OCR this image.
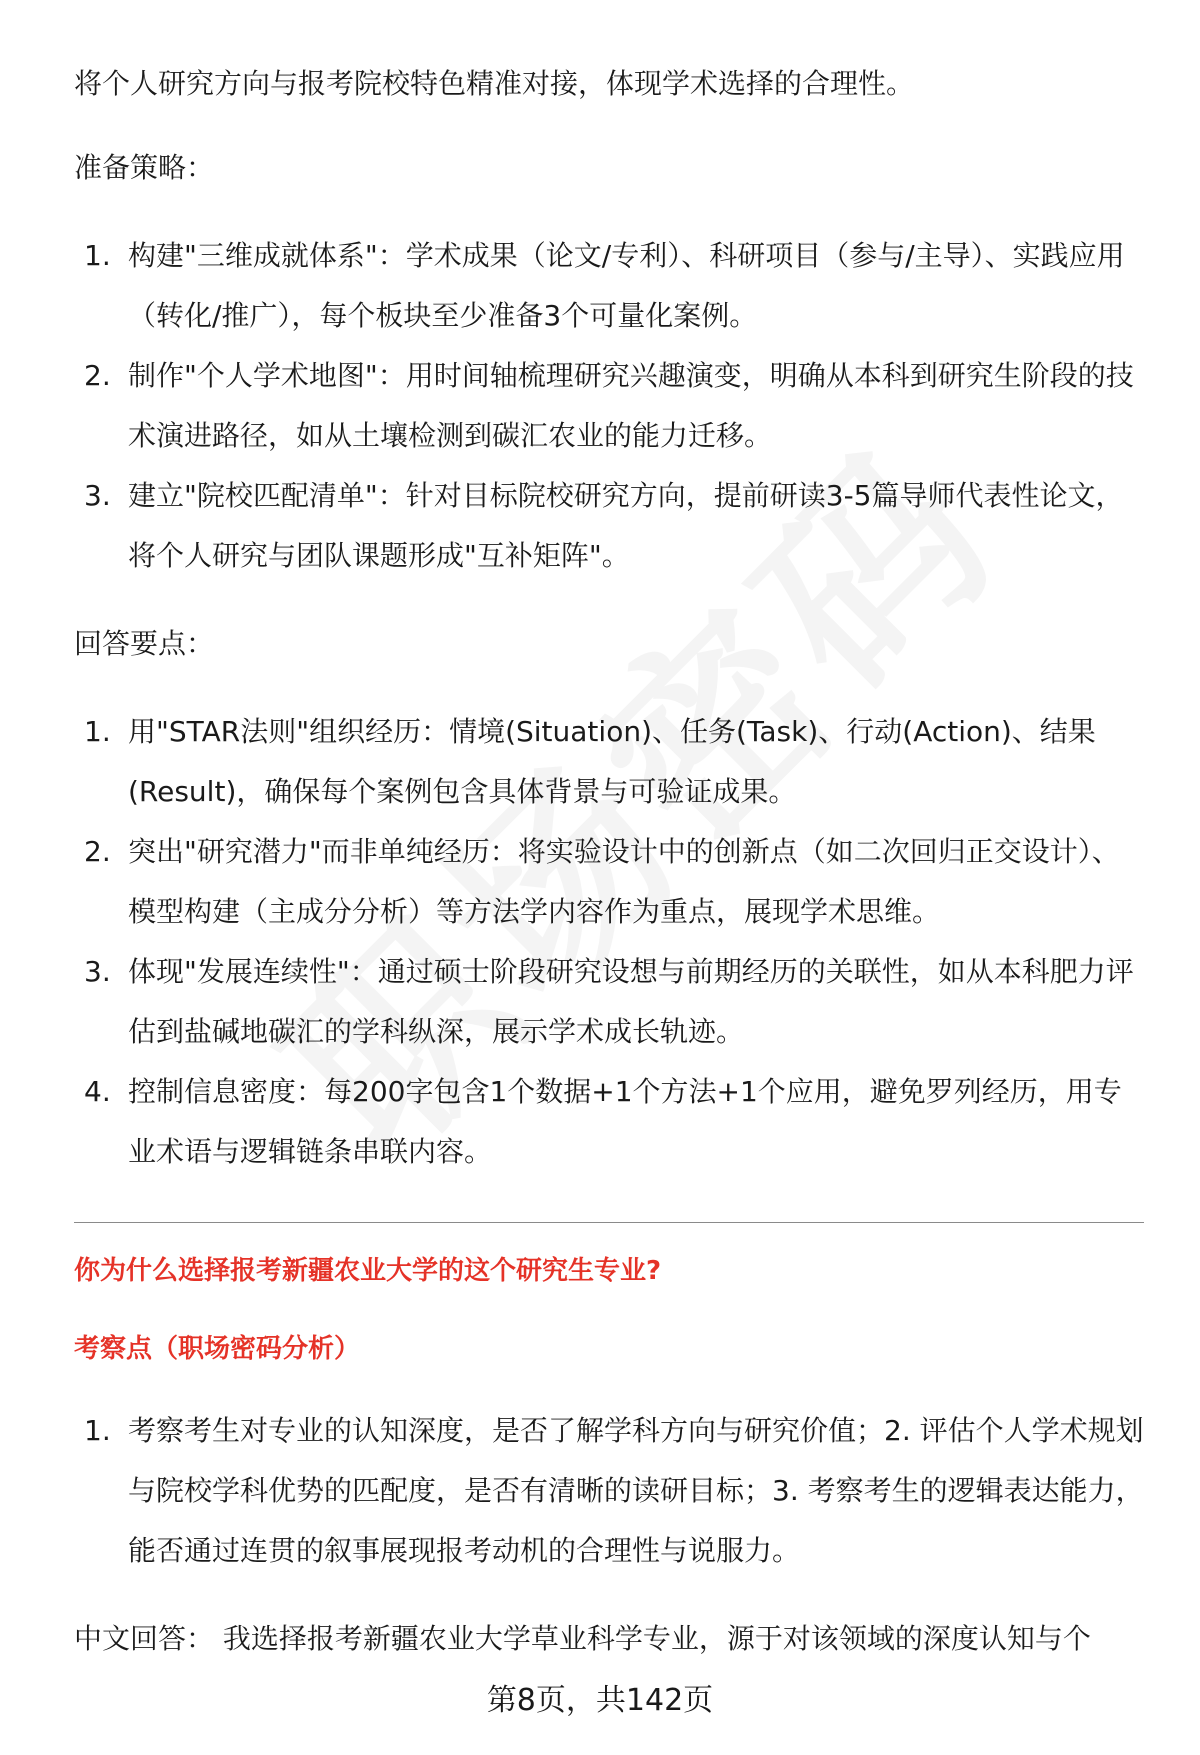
将个人研究方向与报考院校特色精准对接，体现学术选择的合理性。

准备策略：

1. 构建"三维成就体系"：学术成果（论文/专利）、科研项目（参与/主导）、实践应用（转化/推广），每个板块至少准备3个可量化案例。
2. 制作"个人学术地图"：用时间轴梳理研究兴趣演变，明确从本科到研究生阶段的技术演进路径，如从土壤检测到碳汇农业的能力迁移。
3. 建立"院校匹配清单"：针对目标院校研究方向，提前研读3-5篇导师代表性论文，将个人研究与团队课题形成"互补矩阵"。

回答要点：

1. 用"STAR法则"组织经历：情境(Situation)、任务(Task)、行动(Action)、结果(Result)，确保每个案例包含具体背景与可验证成果。
2. 突出"研究潜力"而非单纯经历：将实验设计中的创新点（如二次回归正交设计）、模型构建（主成分分析）等方法学内容作为重点，展现学术思维。
3. 体现"发展连续性"：通过硕士阶段研究设想与前期经历的关联性，如从本科肥力评估到盐碱地碳汇的学科纵深，展示学术成长轨迹。
4. 控制信息密度：每200字包含1个数据+1个方法+1个应用，避免罗列经历，用专业术语与逻辑链条串联内容。

你为什么选择报考新疆农业大学的这个研究生专业?

考察点（职场密码分析）

1. 考察考生对专业的认知深度，是否了解学科方向与研究价值；2. 评估个人学术规划与院校学科优势的匹配度，是否有清晰的读研目标；3. 考察考生的逻辑表达能力，能否通过连贯的叙事展现报考动机的合理性与说服力。

中文回答： 我选择报考新疆农业大学草业科学专业，源于对该领域的深度认知与个

第8页，共142页
